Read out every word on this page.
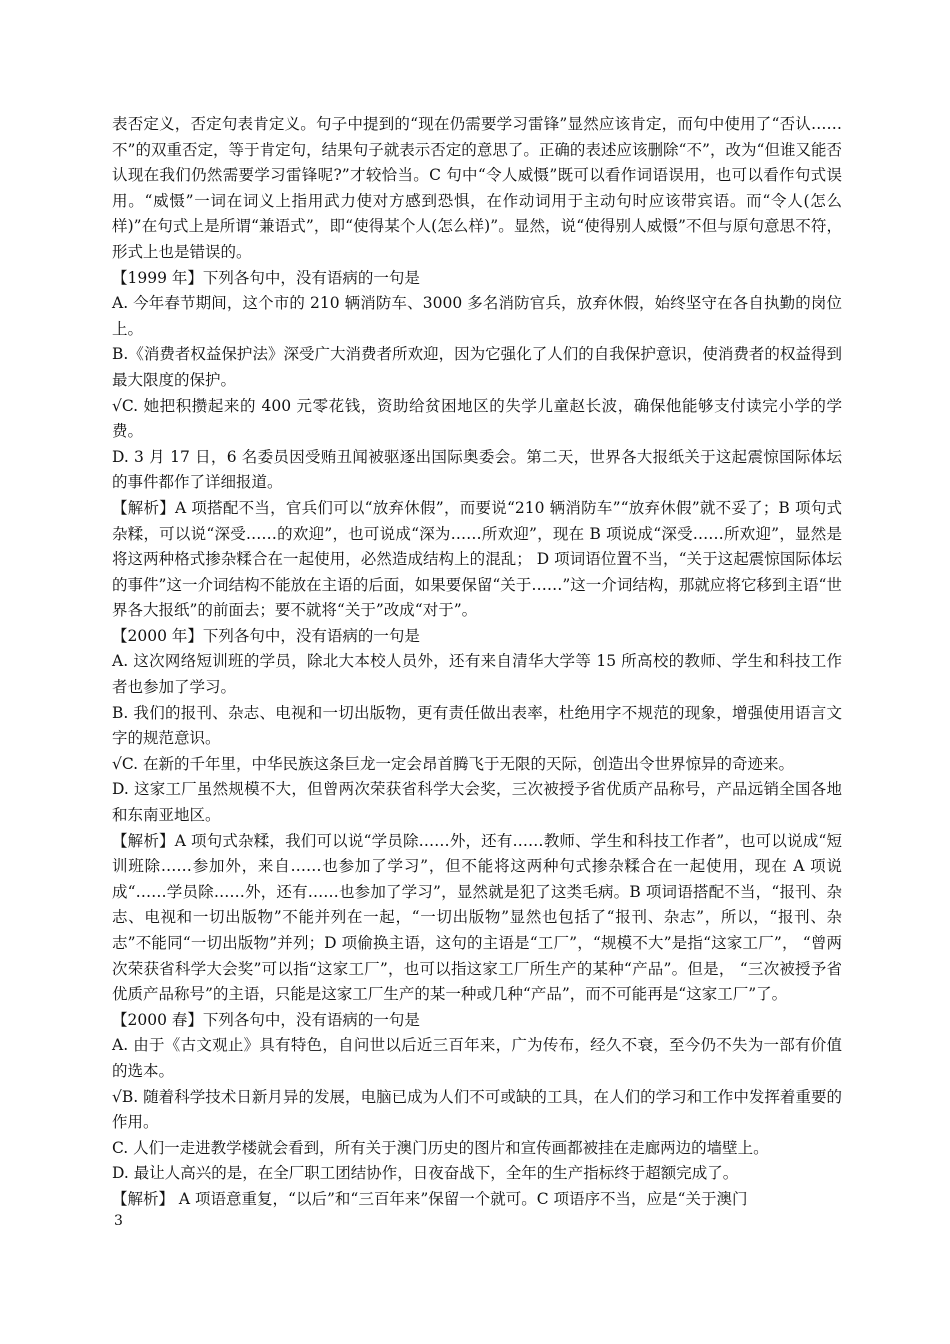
表否定义，否定句表肯定义。句子中提到的“现在仍需要学习雷锋”显然应该肯定，而句中使用了“否认……不”的双重否定，等于肯定句，结果句子就表示否定的意思了。正确的表述应该删除“不”，改为“但谁又能否认现在我们仍然需要学习雷锋呢?”才较恰当。C 句中“令人威慑”既可以看作词语误用，也可以看作句式误用。“威慑”一词在词义上指用武力使对方感到恐惧，在作动词用于主动句时应该带宾语。而“令人(怎么样)”在句式上是所谓“兼语式”，即“使得某个人(怎么样)”。显然，说“使得别人威慑”不但与原句意思不符，形式上也是错误的。

【1999 年】下列各句中，没有语病的一句是

A. 今年春节期间，这个市的 210 辆消防车、3000 多名消防官兵，放弃休假，始终坚守在各自执勤的岗位上。

B.《消费者权益保护法》深受广大消费者所欢迎，因为它强化了人们的自我保护意识，使消费者的权益得到最大限度的保护。

√C. 她把积攒起来的 400 元零花钱，资助给贫困地区的失学儿童赵长波，确保他能够支付读完小学的学费。

D. 3 月 17 日，6 名委员因受贿丑闻被驱逐出国际奥委会。第二天，世界各大报纸关于这起震惊国际体坛的事件都作了详细报道。

【解析】A 项搭配不当，官兵们可以“放弃休假”，而要说“210 辆消防车”“放弃休假”就不妥了；B 项句式杂糅，可以说“深受……的欢迎”，也可说成“深为……所欢迎”，现在 B 项说成“深受……所欢迎”，显然是将这两种格式掺杂糅合在一起使用，必然造成结构上的混乱； D 项词语位置不当，“关于这起震惊国际体坛的事件”这一介词结构不能放在主语的后面，如果要保留“关于……”这一介词结构，那就应将它移到主语“世界各大报纸”的前面去；要不就将“关于”改成“对于”。

【2000 年】下列各句中，没有语病的一句是

A. 这次网络短训班的学员，除北大本校人员外，还有来自清华大学等 15 所高校的教师、学生和科技工作者也参加了学习。

B. 我们的报刊、杂志、电视和一切出版物，更有责任做出表率，杜绝用字不规范的现象，增强使用语言文字的规范意识。

√C. 在新的千年里，中华民族这条巨龙一定会昂首腾飞于无限的天际，创造出令世界惊异的奇迹来。

D. 这家工厂虽然规模不大，但曾两次荣获省科学大会奖，三次被授予省优质产品称号，产品远销全国各地和东南亚地区。

【解析】A 项句式杂糅，我们可以说“学员除……外，还有……教师、学生和科技工作者”，也可以说成“短训班除……参加外，来自……也参加了学习”，但不能将这两种句式掺杂糅合在一起使用，现在 A 项说成“……学员除……外，还有……也参加了学习”，显然就是犯了这类毛病。B 项词语搭配不当，“报刊、杂志、电视和一切出版物”不能并列在一起，“一切出版物”显然也包括了“报刊、杂志”，所以，“报刊、杂志”不能同“一切出版物”并列；D 项偷换主语，这句的主语是“工厂”，“规模不大”是指“这家工厂”， “曾两次荣获省科学大会奖”可以指“这家工厂”，也可以指这家工厂所生产的某种“产品”。但是， “三次被授予省优质产品称号”的主语，只能是这家工厂生产的某一种或几种“产品”，而不可能再是“这家工厂”了。

【2000 春】下列各句中，没有语病的一句是

A. 由于《古文观止》具有特色，自问世以后近三百年来，广为传布，经久不衰，至今仍不失为一部有价值的选本。

√B. 随着科学技术日新月异的发展，电脑已成为人们不可或缺的工具，在人们的学习和工作中发挥着重要的作用。

C. 人们一走进教学楼就会看到，所有关于澳门历史的图片和宣传画都被挂在走廊两边的墙壁上。

D. 最让人高兴的是，在全厂职工团结协作，日夜奋战下，全年的生产指标终于超额完成了。

【解析】 A 项语意重复，“以后”和“三百年来”保留一个就可。C 项语序不当，应是“关于澳门

3
